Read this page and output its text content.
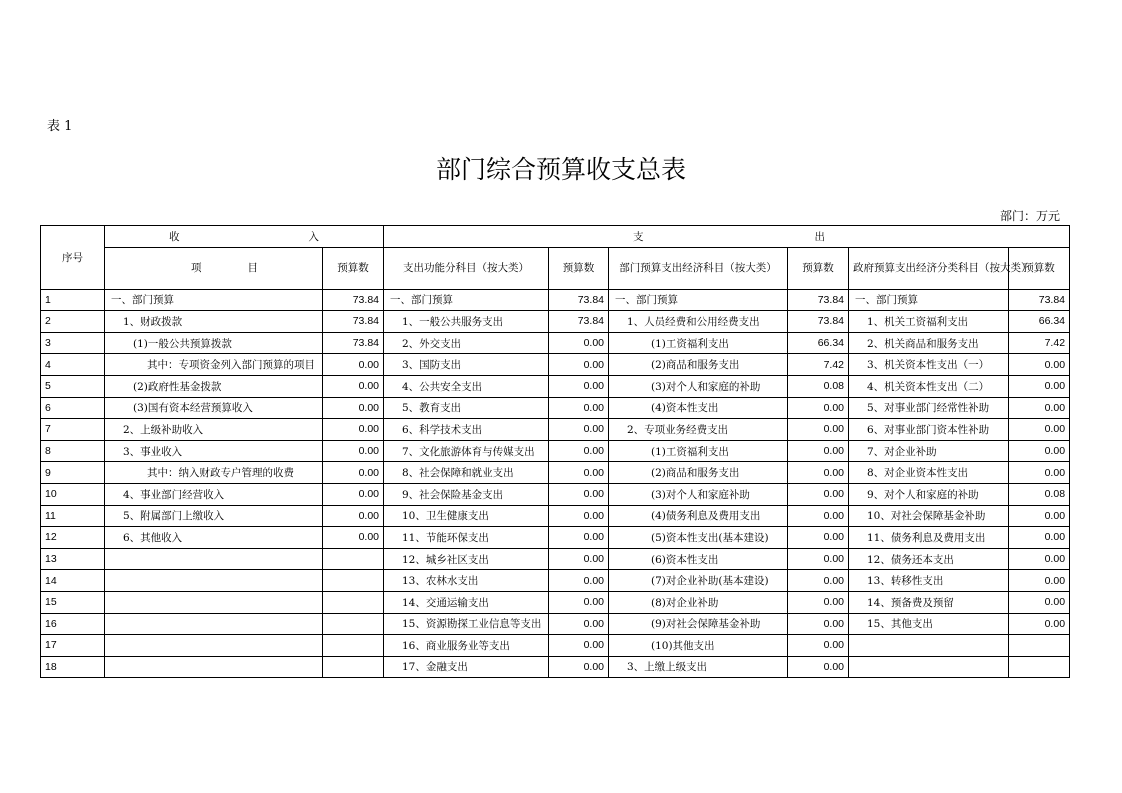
表 1
部门综合预算收支总表
部门：万元
序号	收 入		支 出					

	项 目	预算数	支出功能分科目（按大类）	预算数	部门预算支出经济科目（按大类）	预算数	政府预算支出经济分类科目（按大类）	预算数
1	一、部门预算	73.84	一、部门预算	73.84	一、部门预算	73.84	一、部门预算	73.84
2	1、财政拨款	73.84	1、一般公共服务支出	73.84	1、人员经费和公用经费支出	73.84	1、机关工资福利支出	66.34
3	(1)一般公共预算拨款	73.84	2、外交支出	0.00	(1)工资福利支出	66.34	2、机关商品和服务支出	7.42
4	其中：专项资金列入部门预算的项目	0.00	3、国防支出	0.00	(2)商品和服务支出	7.42	3、机关资本性支出（一）	0.00
5	(2)政府性基金拨款	0.00	4、公共安全支出	0.00	(3)对个人和家庭的补助	0.08	4、机关资本性支出（二）	0.00
6	(3)国有资本经营预算收入	0.00	5、教育支出	0.00	(4)资本性支出	0.00	5、对事业部门经常性补助	0.00
7	2、上级补助收入	0.00	6、科学技术支出	0.00	2、专项业务经费支出	0.00	6、对事业部门资本性补助	0.00
8	3、事业收入	0.00	7、文化旅游体育与传媒支出	0.00	(1)工资福利支出	0.00	7、对企业补助	0.00
9	其中：纳入财政专户管理的收费	0.00	8、社会保障和就业支出	0.00	(2)商品和服务支出	0.00	8、对企业资本性支出	0.00
10	4、事业部门经营收入	0.00	9、社会保险基金支出	0.00	(3)对个人和家庭补助	0.00	9、对个人和家庭的补助	0.08
11	5、附属部门上缴收入	0.00	10、卫生健康支出	0.00	(4)债务利息及费用支出	0.00	10、对社会保障基金补助	0.00
12	6、其他收入	0.00	11、节能环保支出	0.00	(5)资本性支出(基本建设)	0.00	11、债务利息及费用支出	0.00
13			12、城乡社区支出	0.00	(6)资本性支出	0.00	12、债务还本支出	0.00
14			13、农林水支出	0.00	(7)对企业补助(基本建设)	0.00	13、转移性支出	0.00
15			14、交通运输支出	0.00	(8)对企业补助	0.00	14、预备费及预留	0.00
16			15、资源勘探工业信息等支出	0.00	(9)对社会保障基金补助	0.00	15、其他支出	0.00
17			16、商业服务业等支出	0.00	(10)其他支出	0.00		
18			17、金融支出	0.00	3、上缴上级支出	0.00		
